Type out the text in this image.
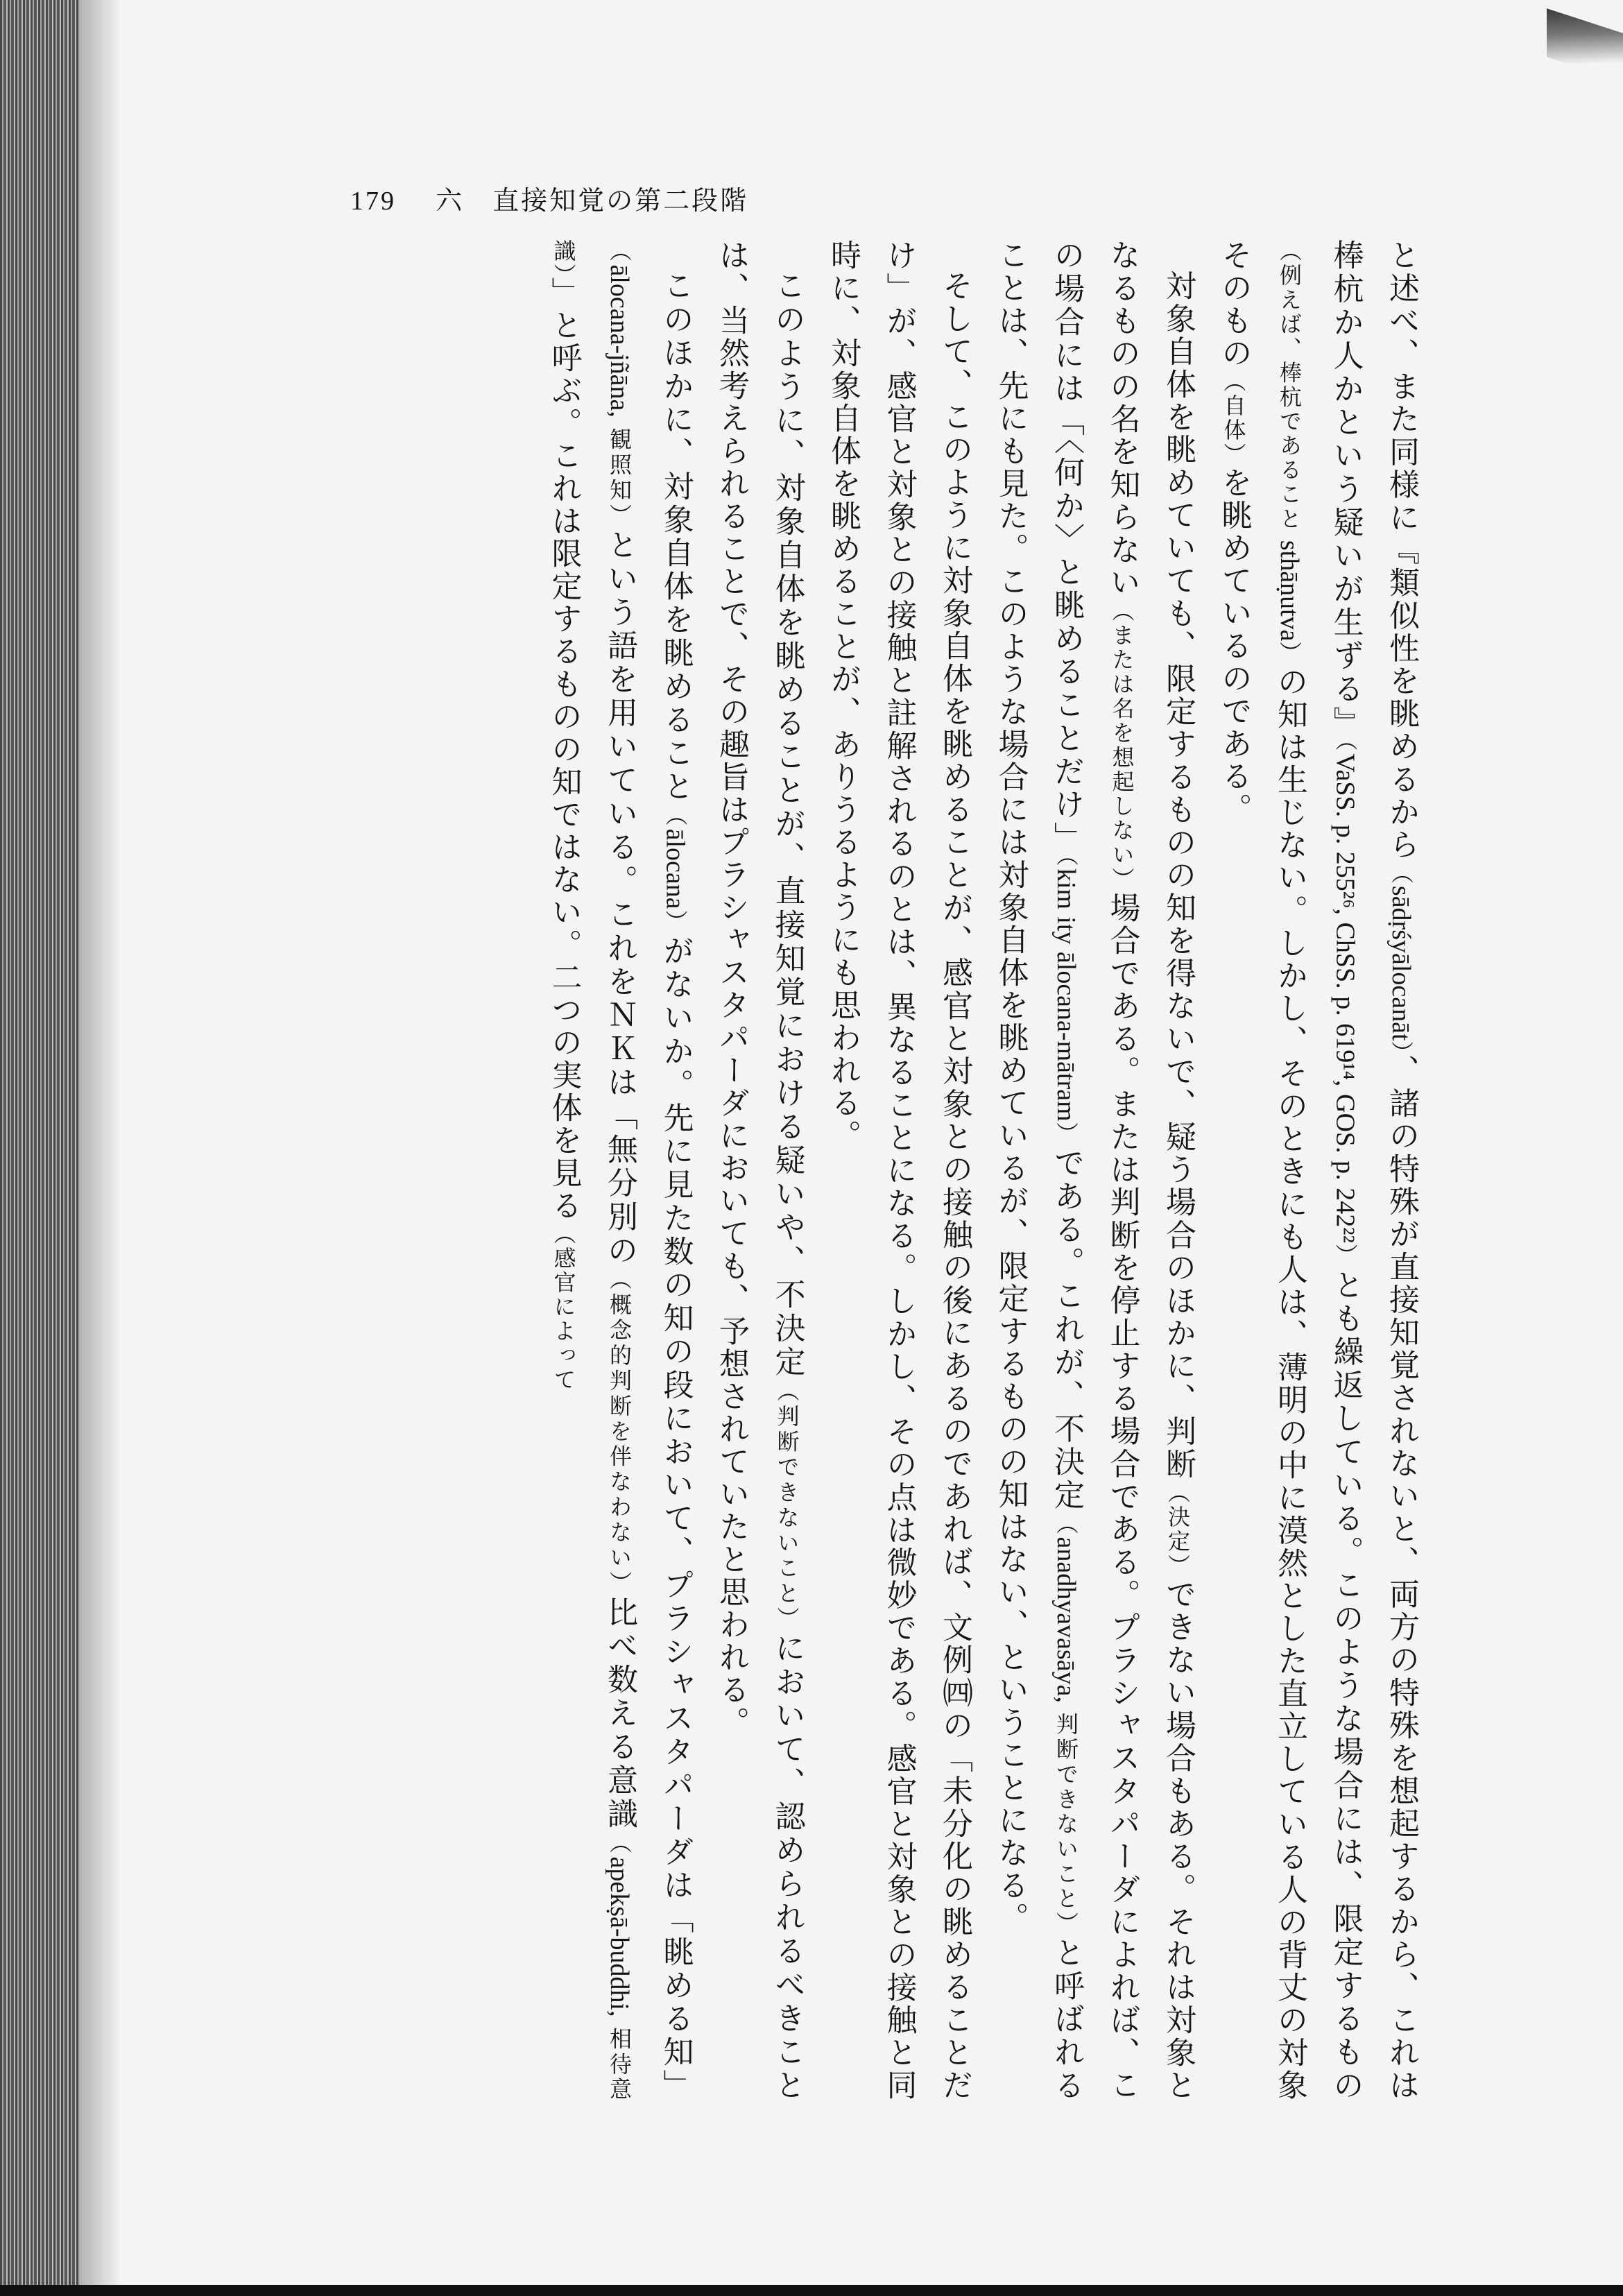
179 六　直接知覚の第二段階

と述べ、また同様に『類似性を眺めるから（sādṛśyālocanāt）、諸の特殊が直接知覚されないと、両方の特殊を想起するから、これは棒杭か人かという疑いが生ずる』（VaSS. p. 255²⁶, ChSS. p. 619¹⁴, GOS. p. 242²²）とも繰返している。このような場合には、限定するもの（例えば、棒杭であること sthāṇutva）の知は生じない。しかし、そのときにも人は、薄明の中に漠然とした直立している人の背丈の対象そのもの（自体）を眺めているのである。

対象自体を眺めていても、限定するものの知を得ないで、疑う場合のほかに、判断（決定）できない場合もある。それは対象となるものの名を知らない（または名を想起しない）場合である。または判断を停止する場合である。プラシャスタパーダによれば、この場合には「〈何か〉と眺めることだけ」（kim ity ālocana-mātram）である。これが、不決定（anadhyavasāya, 判断できないこと）と呼ばれることは、先にも見た。このような場合には対象自体を眺めているが、限定するものの知はない、ということになる。

そして、このように対象自体を眺めることが、感官と対象との接触の後にあるのであれば、文例㈣の「未分化の眺めることだけ」が、感官と対象との接触と註解されるのとは、異なることになる。しかし、その点は微妙である。感官と対象との接触と同時に、対象自体を眺めることが、ありうるようにも思われる。

このように、対象自体を眺めることが、直接知覚における疑いや、不決定（判断できないこと）において、認められるべきことは、当然考えられることで、その趣旨はプラシャスタパーダにおいても、予想されていたと思われる。

このほかに、対象自体を眺めること（ālocana）がないか。先に見た数の知の段において、プラシャスタパーダは「眺める知」（ālocana-jñāna, 観照知）という語を用いている。これをＮＫは「無分別の（概念的判断を伴なわない）比べ数える意識（apekṣā-buddhi, 相待意識）」と呼ぶ。これは限定するものの知ではない。二つの実体を見る（感官によって
